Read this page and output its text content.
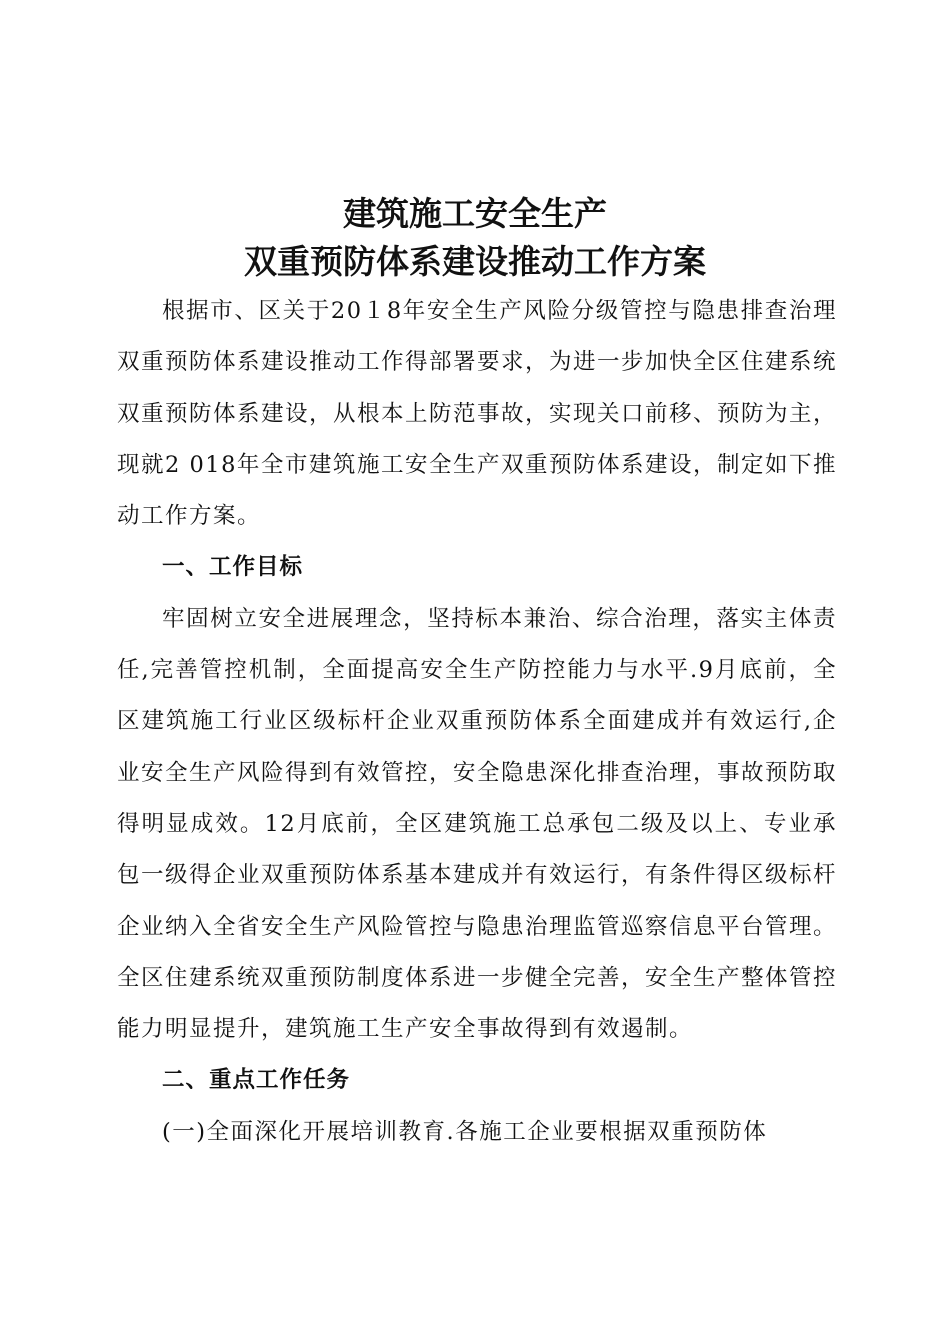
建筑施工安全生产
双重预防体系建设推动工作方案

根据市、区关于20１8年安全生产风险分级管控与隐患排查治理双重预防体系建设推动工作得部署要求，为进一步加快全区住建系统双重预防体系建设，从根本上防范事故，实现关口前移、预防为主，现就2 018年全市建筑施工安全生产双重预防体系建设，制定如下推动工作方案。

一、工作目标

牢固树立安全进展理念，坚持标本兼治、综合治理，落实主体责任,完善管控机制，全面提高安全生产防控能力与水平.9月底前，全区建筑施工行业区级标杆企业双重预防体系全面建成并有效运行,企业安全生产风险得到有效管控，安全隐患深化排查治理，事故预防取得明显成效。12月底前，全区建筑施工总承包二级及以上、专业承包一级得企业双重预防体系基本建成并有效运行，有条件得区级标杆企业纳入全省安全生产风险管控与隐患治理监管巡察信息平台管理。全区住建系统双重预防制度体系进一步健全完善，安全生产整体管控能力明显提升，建筑施工生产安全事故得到有效遏制。

二、重点工作任务

(一)全面深化开展培训教育.各施工企业要根据双重预防体
